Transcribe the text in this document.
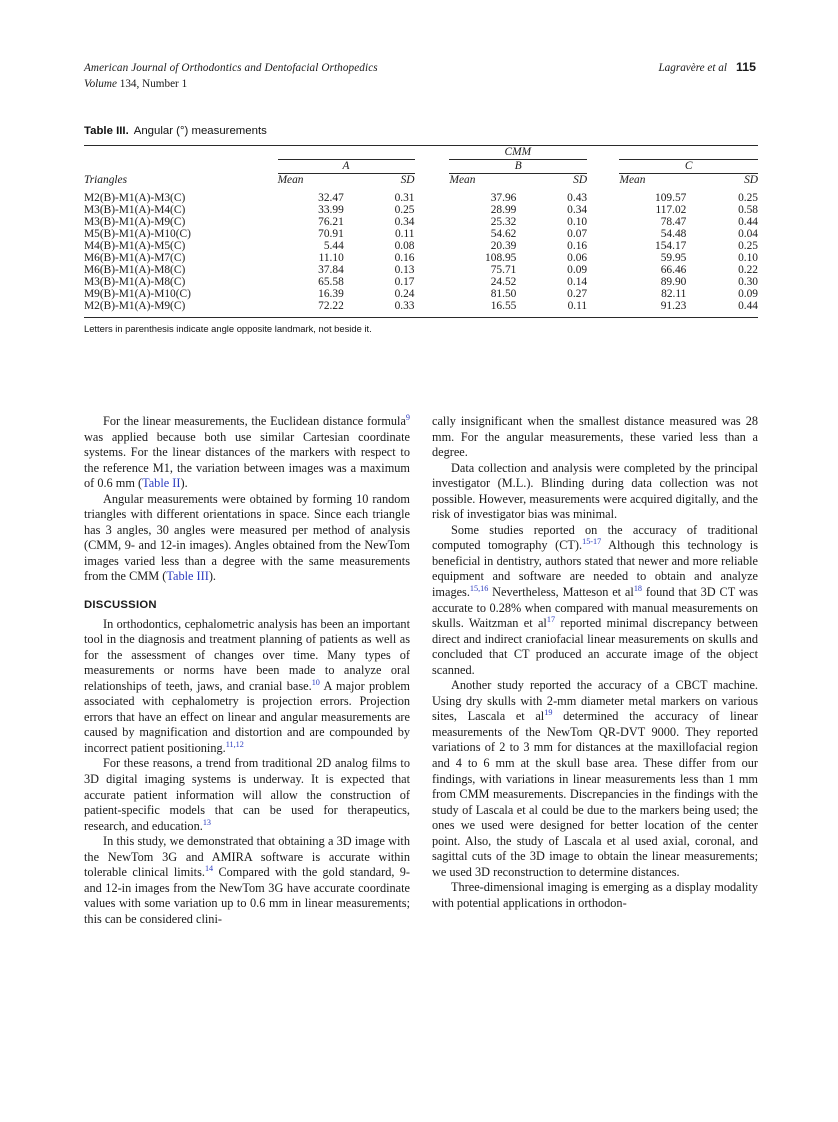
American Journal of Orthodontics and Dentofacial Orthopedics	Lagravère et al 115
Volume 134, Number 1
Table III. Angular (°) measurements
		CMM							
		A			B			C	
Triangles		Mean	SD		Mean	SD		Mean	SD
M2(B)-M1(A)-M3(C)		32.47	0.31		37.96	0.43		109.57	0.25
M3(B)-M1(A)-M4(C)		33.99	0.25		28.99	0.34		117.02	0.58
M3(B)-M1(A)-M9(C)		76.21	0.34		25.32	0.10		78.47	0.44
M5(B)-M1(A)-M10(C)		70.91	0.11		54.62	0.07		54.48	0.04
M4(B)-M1(A)-M5(C)		5.44	0.08		20.39	0.16		154.17	0.25
M6(B)-M1(A)-M7(C)		11.10	0.16		108.95	0.06		59.95	0.10
M6(B)-M1(A)-M8(C)		37.84	0.13		75.71	0.09		66.46	0.22
M3(B)-M1(A)-M8(C)		65.58	0.17		24.52	0.14		89.90	0.30
M9(B)-M1(A)-M10(C)		16.39	0.24		81.50	0.27		82.11	0.09
M2(B)-M1(A)-M9(C)		72.22	0.33		16.55	0.11		91.23	0.44
Letters in parenthesis indicate angle opposite landmark, not beside it.

For the linear measurements, the Euclidean distance formula$^9$ was applied because both use similar Cartesian coordinate systems. For the linear distances of the markers with respect to the reference M1, the variation between images was a maximum of 0.6 mm (Table II).

Angular measurements were obtained by forming 10 random triangles with different orientations in space. Since each triangle has 3 angles, 30 angles were measured per method of analysis (CMM, 9- and 12-in images). Angles obtained from the NewTom images varied less than a degree with the same measurements from the CMM (Table III).

DISCUSSION

In orthodontics, cephalometric analysis has been an important tool in the diagnosis and treatment planning of patients as well as for the assessment of changes over time. Many types of measurements or norms have been made to analyze oral relationships of teeth, jaws, and cranial base.$^{10}$ A major problem associated with cephalometry is projection errors. Projection errors that have an effect on linear and angular measurements are caused by magnification and distortion and are compounded by incorrect patient positioning.$^{11,12}$

For these reasons, a trend from traditional 2D analog films to 3D digital imaging systems is underway. It is expected that accurate patient information will allow the construction of patient-specific models that can be used for therapeutics, research, and education.$^{13}$

In this study, we demonstrated that obtaining a 3D image with the NewTom 3G and AMIRA software is accurate within tolerable clinical limits.$^{14}$ Compared with the gold standard, 9- and 12-in images from the NewTom 3G have accurate coordinate values with some variation up to 0.6 mm in linear measurements; this can be considered clini-

cally insignificant when the smallest distance measured was 28 mm. For the angular measurements, these varied less than a degree.

Data collection and analysis were completed by the principal investigator (M.L.). Blinding during data collection was not possible. However, measurements were acquired digitally, and the risk of investigator bias was minimal.

Some studies reported on the accuracy of traditional computed tomography (CT).$^{15-17}$ Although this technology is beneficial in dentistry, authors stated that newer and more reliable equipment and software are needed to obtain and analyze images.$^{15,16}$ Nevertheless, Matteson et $al^{18}$ found that 3D CT was accurate to 0.28% when compared with manual measurements on skulls. Waitzman et $al^{17}$ reported minimal discrepancy between direct and indirect craniofacial linear measurements on skulls and concluded that CT produced an accurate image of the object scanned.

Another study reported the accuracy of a CBCT machine. Using dry skulls with 2-mm diameter metal markers on various sites, Lascala et $al^{19}$ determined the accuracy of linear measurements of the NewTom QR-DVT 9000. They reported variations of 2 to 3 mm for distances at the maxillofacial region and 4 to 6 mm at the skull base area. These differ from our findings, with variations in linear measurements less than 1 mm from CMM measurements. Discrepancies in the findings with the study of Lascala et al could be due to the markers being used; the ones we used were designed for better location of the center point. Also, the study of Lascala et al used axial, coronal, and sagittal cuts of the 3D image to obtain the linear measurements; we used 3D reconstruction to determine distances.

Three-dimensional imaging is emerging as a display modality with potential applications in orthodon-
